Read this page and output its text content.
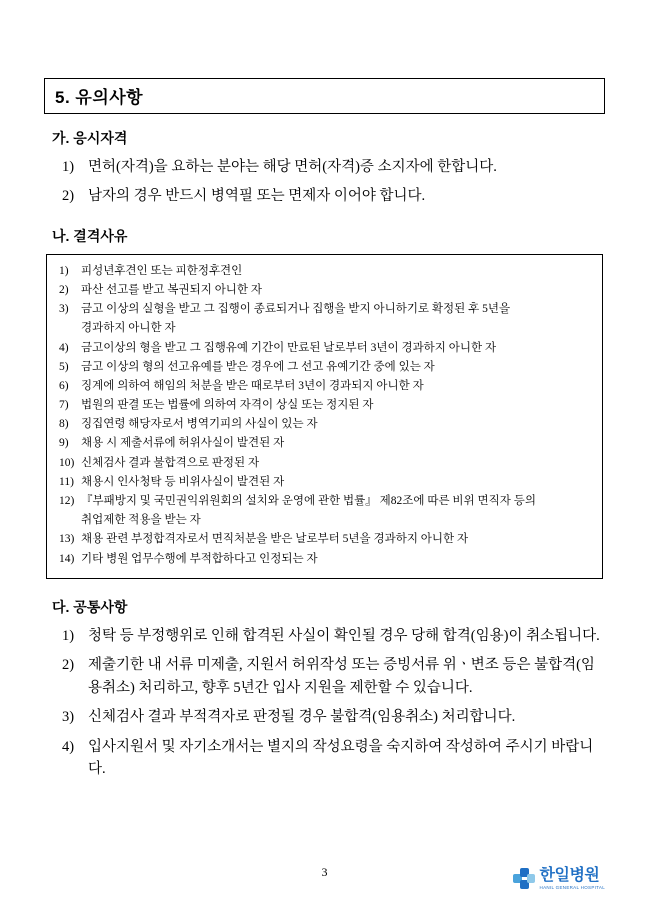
5. 유의사항
가. 응시자격
1) 면허(자격)을 요하는 분야는 해당 면허(자격)증 소지자에 한합니다.
2) 남자의 경우 반드시 병역필 또는 면제자 이어야 합니다.
나. 결격사유
1)	피성년후견인 또는 피한정후견인
2)	파산 선고를 받고 복권되지 아니한 자
3)	금고 이상의 실형을 받고 그 집행이 종료되거나 집행을 받지 아니하기로 확정된 후 5년을
경과하지 아니한 자
4)	금고이상의 형을 받고 그 집행유예 기간이 만료된 날로부터 3년이 경과하지 아니한 자
5)	금고 이상의 형의 선고유예를 받은 경우에 그 선고 유예기간 중에 있는 자
6)	징계에 의하여 해임의 처분을 받은 때로부터 3년이 경과되지 아니한 자
7)	법원의 판결 또는 법률에 의하여 자격이 상실 또는 정지된 자
8)	징집연령 해당자로서 병역기피의 사실이 있는 자
9)	채용 시 제출서류에 허위사실이 발견된 자
10) 신체검사 결과 불합격으로 판정된 자
11) 채용시 인사청탁 등 비위사실이 발견된 자
12) 『부패방지 및 국민권익위원회의 설치와 운영에 관한 법률』 제82조에 따른 비위 면직자 등의
취업제한 적용을 받는 자
13) 채용 관련 부정합격자로서 면직처분을 받은 날로부터 5년을 경과하지 아니한 자
14) 기타 병원 업무수행에 부적합하다고 인정되는 자
다. 공통사항
1) 청탁 등 부정행위로 인해 합격된 사실이 확인될 경우 당해 합격(임용)이 취소됩니다.
2) 제출기한 내 서류 미제출, 지원서 허위작성 또는 증빙서류 위ㆍ변조 등은 불합격(임용취소) 처리하고, 향후 5년간 입사 지원을 제한할 수 있습니다.
3) 신체검사 결과 부적격자로 판정될 경우 불합격(임용취소) 처리합니다.
4) 입사지원서 및 자기소개서는 별지의 작성요령을 숙지하여 작성하여 주시기 바랍니다.
3	한일병원
HANIL GENERAL HOSPITAL
